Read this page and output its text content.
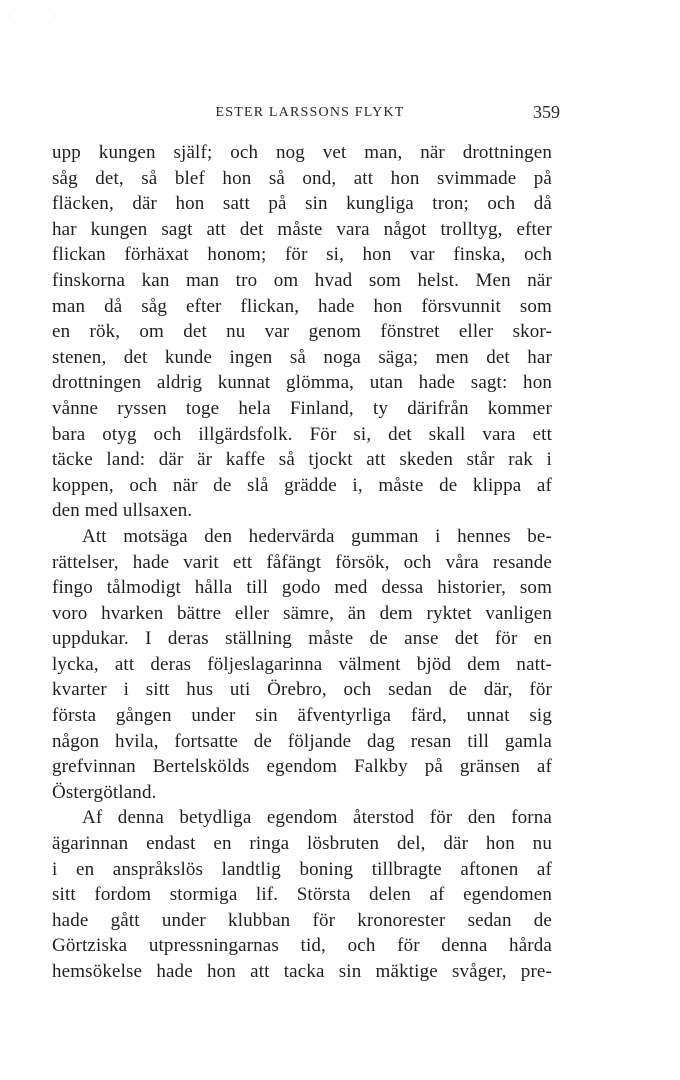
· · · · · · ·
ESTER LARSSONS FLYKT	359
upp kungen själf; och nog vet man, när drottningen
såg det, så blef hon så ond, att hon svimmade på
fläcken, där hon satt på sin kungliga tron; och då
har kungen sagt att det måste vara något trolltyg, efter
flickan förhäxat honom; för si, hon var finska, och
finskorna kan man tro om hvad som helst. Men när
man då såg efter flickan, hade hon försvunnit som
en rök, om det nu var genom fönstret eller skor-
stenen, det kunde ingen så noga säga; men det har
drottningen aldrig kunnat glömma, utan hade sagt: hon
vånne ryssen toge hela Finland, ty därifrån kommer
bara otyg och illgärdsfolk. För si, det skall vara ett
täcke land: där är kaffe så tjockt att skeden står rak i
koppen, och när de slå grädde i, måste de klippa af
den med ullsaxen.
Att motsäga den hedervärda gumman i hennes be-
rättelser, hade varit ett fåfängt försök, och våra resande
fingo tålmodigt hålla till godo med dessa historier, som
voro hvarken bättre eller sämre, än dem ryktet vanligen
uppdukar. I deras ställning måste de anse det för en
lycka, att deras följeslagarinna välment bjöd dem natt-
kvarter i sitt hus uti Örebro, och sedan de där, för
första gången under sin äfventyrliga färd, unnat sig
någon hvila, fortsatte de följande dag resan till gamla
grefvinnan Bertelskölds egendom Falkby på gränsen af
Östergötland.
Af denna betydliga egendom återstod för den forna
ägarinnan endast en ringa lösbruten del, där hon nu
i en anspråkslös landtlig boning tillbragte aftonen af
sitt fordom stormiga lif. Största delen af egendomen
hade gått under klubban för kronorester sedan de
Görtziska utpressningarnas tid, och för denna hårda
hemsökelse hade hon att tacka sin mäktige svåger, pre-
